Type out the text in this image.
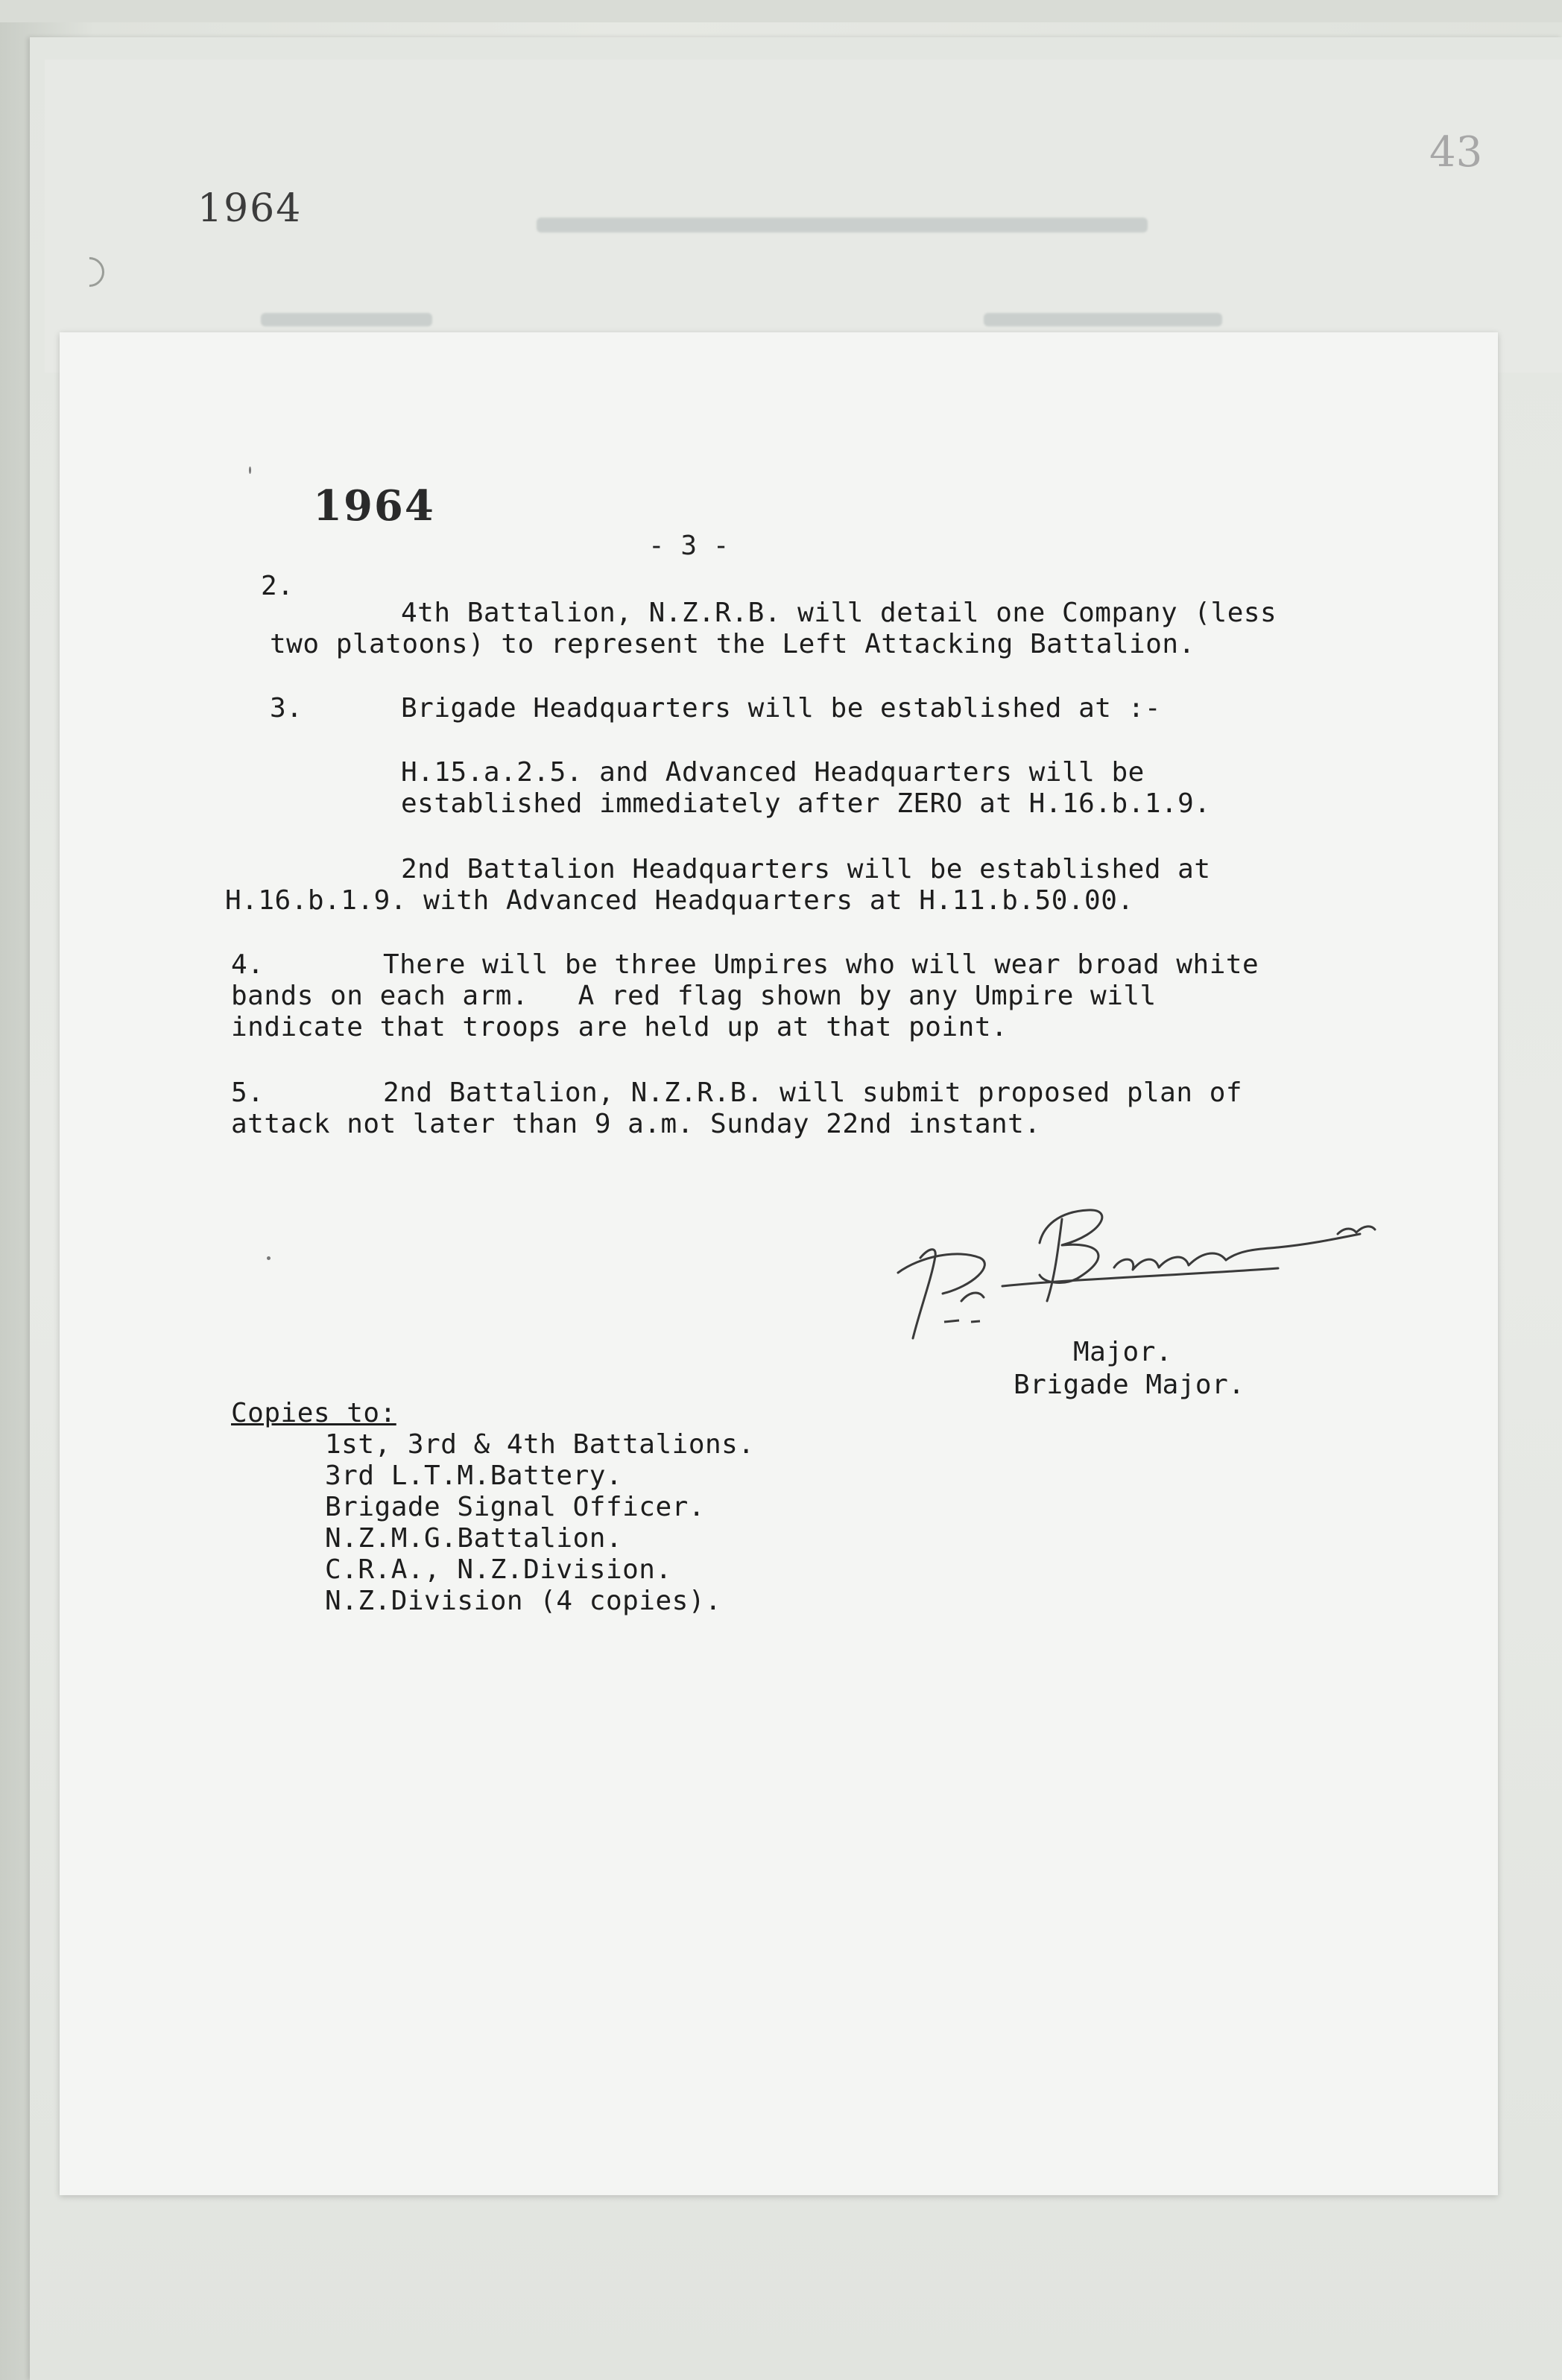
1964
43
1964
- 3 -
2.
4th Battalion, N.Z.R.B. will detail one Company (less
two platoons) to represent the Left Attacking Battalion.
3.	Brigade Headquarters will be established at :-
H.15.a.2.5. and Advanced Headquarters will be
established immediately after ZERO at H.16.b.1.9.
2nd Battalion Headquarters will be established at
H.16.b.1.9. with Advanced Headquarters at H.11.b.50.00.
4.	There will be three Umpires who will wear broad white
bands on each arm.   A red flag shown by any Umpire will
indicate that troops are held up at that point.
5.	2nd Battalion, N.Z.R.B. will submit proposed plan of
attack not later than 9 a.m. Sunday 22nd instant.
Major.
Brigade Major.
Copies to:
1st, 3rd & 4th Battalions.
3rd L.T.M.Battery.
Brigade Signal Officer.
N.Z.M.G.Battalion.
C.R.A., N.Z.Division.
N.Z.Division (4 copies).
